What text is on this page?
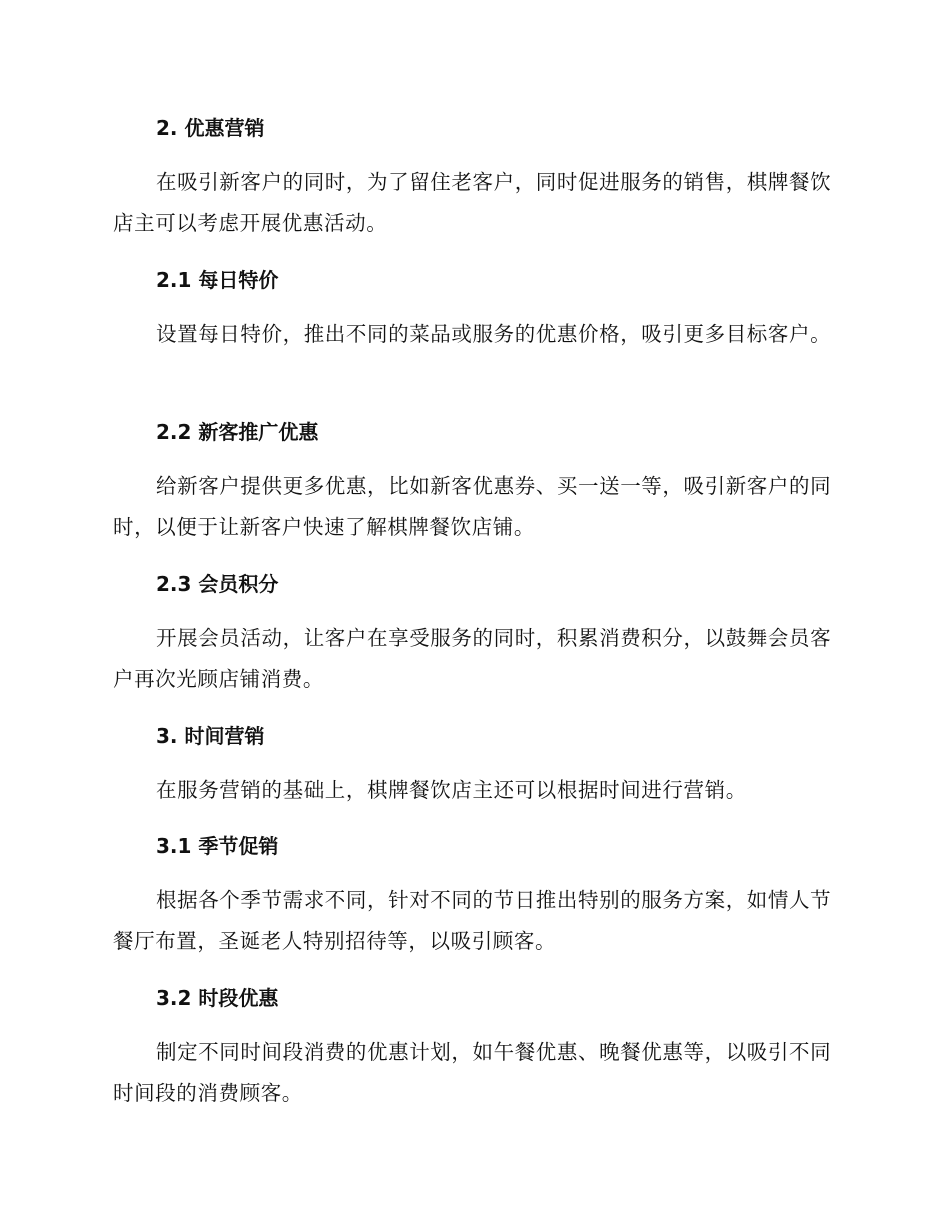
2. 优惠营销
在吸引新客户的同时，为了留住老客户，同时促进服务的销售，棋牌餐饮店主可以考虑开展优惠活动。
2.1 每日特价
设置每日特价，推出不同的菜品或服务的优惠价格，吸引更多目标客户。
2.2 新客推广优惠
给新客户提供更多优惠，比如新客优惠券、买一送一等，吸引新客户的同时，以便于让新客户快速了解棋牌餐饮店铺。
2.3 会员积分
开展会员活动，让客户在享受服务的同时，积累消费积分，以鼓舞会员客户再次光顾店铺消费。
3. 时间营销
在服务营销的基础上，棋牌餐饮店主还可以根据时间进行营销。
3.1 季节促销
根据各个季节需求不同，针对不同的节日推出特别的服务方案，如情人节餐厅布置，圣诞老人特别招待等，以吸引顾客。
3.2 时段优惠
制定不同时间段消费的优惠计划，如午餐优惠、晚餐优惠等，以吸引不同时间段的消费顾客。
